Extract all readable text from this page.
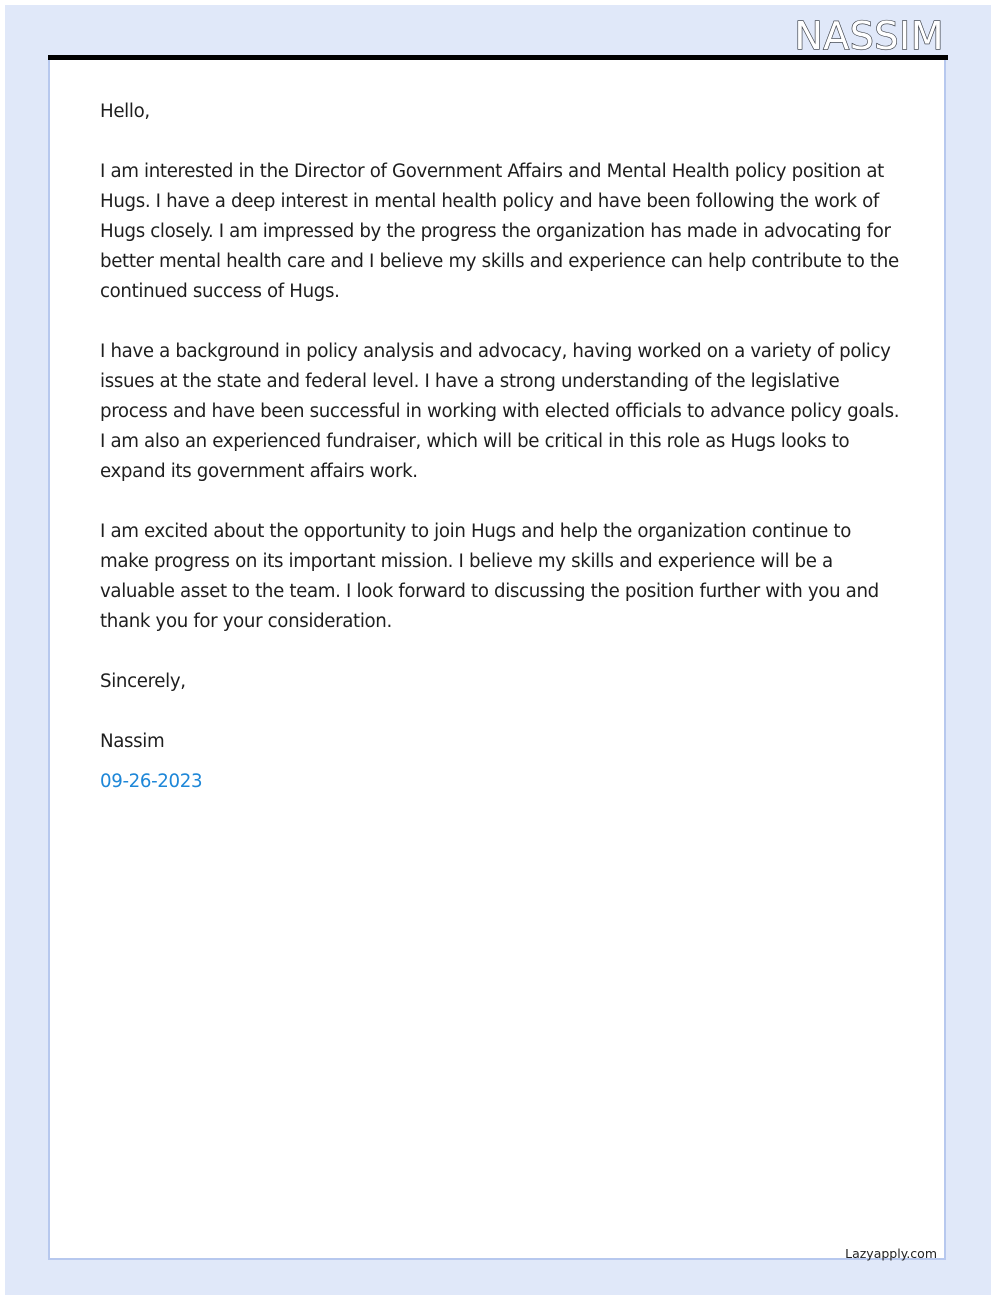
NASSIM

Hello,

I am interested in the Director of Government Affairs and Mental Health policy position at Hugs. I have a deep interest in mental health policy and have been following the work of Hugs closely. I am impressed by the progress the organization has made in advocating for better mental health care and I believe my skills and experience can help contribute to the continued success of Hugs.

I have a background in policy analysis and advocacy, having worked on a variety of policy issues at the state and federal level. I have a strong understanding of the legislative process and have been successful in working with elected officials to advance policy goals. I am also an experienced fundraiser, which will be critical in this role as Hugs looks to expand its government affairs work.

I am excited about the opportunity to join Hugs and help the organization continue to make progress on its important mission. I believe my skills and experience will be a valuable asset to the team. I look forward to discussing the position further with you and thank you for your consideration.

Sincerely,

Nassim

09-26-2023

Lazyapply.com
